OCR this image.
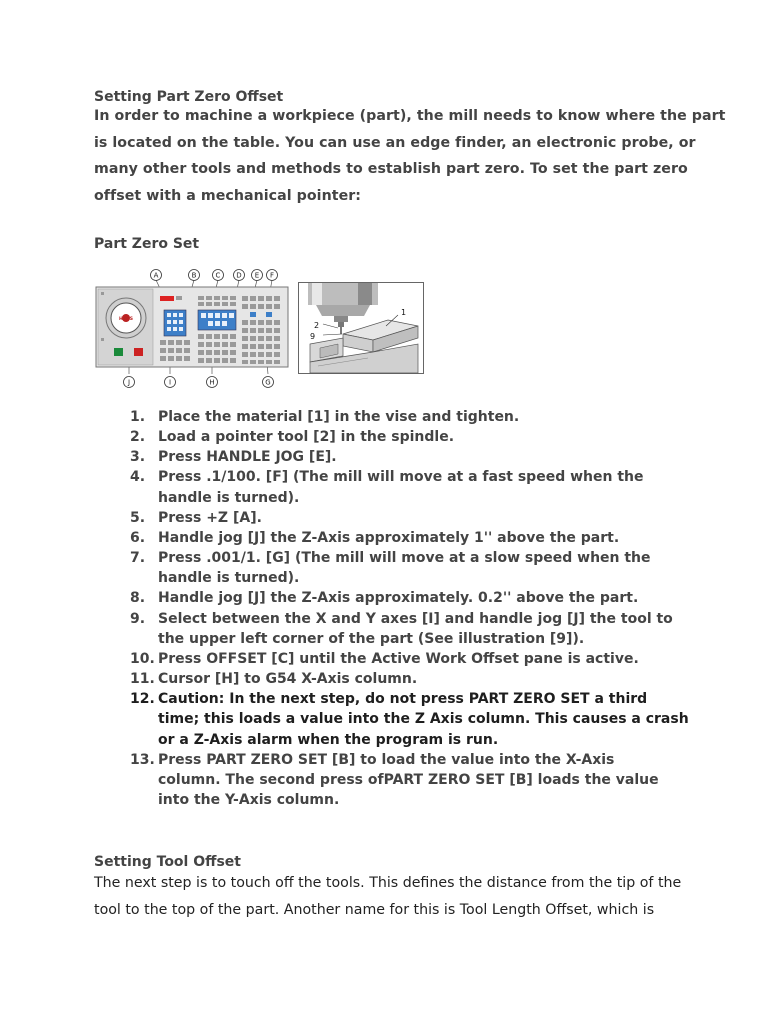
Setting Part Zero Offset
In order to machine a workpiece (part), the mill needs to know where the part
is located on the table. You can use an edge finder, an electronic probe, or
many other tools and methods to establish part zero. To set the part zero
offset with a mechanical pointer:
Part Zero Set
A	B	C D E F
J	I	H	G
HAAS
1
2
9
1. Place the material [1] in the vise and tighten.
2. Load a pointer tool [2] in the spindle.
3. Press HANDLE JOG [E].
4. Press .1/100. [F] (The mill will move at a fast speed when the
handle is turned).
5. Press +Z [A].
6. Handle jog [J] the Z-Axis approximately 1'' above the part.
7. Press .001/1. [G] (The mill will move at a slow speed when the
handle is turned).
8. Handle jog [J] the Z-Axis approximately. 0.2'' above the part.
9. Select between the X and Y axes [I] and handle jog [J] the tool to
the upper left corner of the part (See illustration [9]).
10. Press OFFSET [C] until the Active Work Offset pane is active.
11. Cursor [H] to G54 X-Axis column.
12. Caution: In the next step, do not press PART ZERO SET a third
time; this loads a value into the Z Axis column. This causes a crash
or a Z-Axis alarm when the program is run.
13. Press PART ZERO SET [B] to load the value into the X-Axis
column. The second press ofPART ZERO SET [B] loads the value
into the Y-Axis column.
Setting Tool Offset
The next step is to touch off the tools. This defines the distance from the tip of the
tool to the top of the part. Another name for this is Tool Length Offset, which is
